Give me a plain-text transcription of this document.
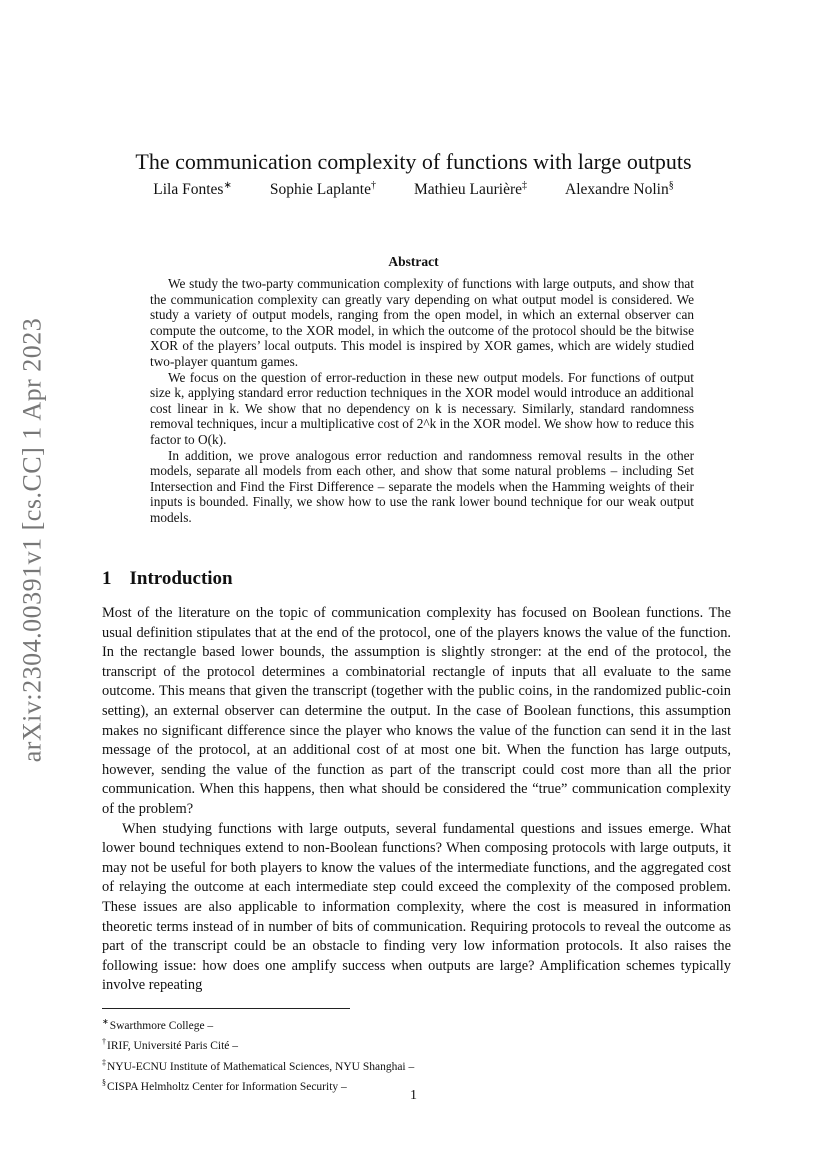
arXiv:2304.00391v1 [cs.CC] 1 Apr 2023
The communication complexity of functions with large outputs
Lila Fontes∗ Sophie Laplante† Mathieu Laurière‡ Alexandre Nolin§
Abstract

We study the two-party communication complexity of functions with large outputs, and show that the communication complexity can greatly vary depending on what output model is considered. We study a variety of output models, ranging from the open model, in which an external observer can compute the outcome, to the XOR model, in which the outcome of the protocol should be the bitwise XOR of the players’ local outputs. This model is inspired by XOR games, which are widely studied two-player quantum games.

We focus on the question of error-reduction in these new output models. For functions of output size k, applying standard error reduction techniques in the XOR model would introduce an additional cost linear in k. We show that no dependency on k is necessary. Similarly, standard randomness removal techniques, incur a multiplicative cost of 2^k in the XOR model. We show how to reduce this factor to O(k).

In addition, we prove analogous error reduction and randomness removal results in the other models, separate all models from each other, and show that some natural problems – including Set Intersection and Find the First Difference – separate the models when the Hamming weights of their inputs is bounded. Finally, we show how to use the rank lower bound technique for our weak output models.

1 Introduction

Most of the literature on the topic of communication complexity has focused on Boolean functions. The usual definition stipulates that at the end of the protocol, one of the players knows the value of the function. In the rectangle based lower bounds, the assumption is slightly stronger: at the end of the protocol, the transcript of the protocol determines a combinatorial rectangle of inputs that all evaluate to the same outcome. This means that given the transcript (together with the public coins, in the randomized public-coin setting), an external observer can determine the output. In the case of Boolean functions, this assumption makes no significant difference since the player who knows the value of the function can send it in the last message of the protocol, at an additional cost of at most one bit. When the function has large outputs, however, sending the value of the function as part of the transcript could cost more than all the prior communication. When this happens, then what should be considered the “true” communication complexity of the problem?

When studying functions with large outputs, several fundamental questions and issues emerge. What lower bound techniques extend to non-Boolean functions? When composing protocols with large outputs, it may not be useful for both players to know the values of the intermediate functions, and the aggregated cost of relaying the outcome at each intermediate step could exceed the complexity of the composed problem. These issues are also applicable to information complexity, where the cost is measured in information theoretic terms instead of in number of bits of communication. Requiring protocols to reveal the outcome as part of the transcript could be an obstacle to finding very low information protocols. It also raises the following issue: how does one amplify success when outputs are large? Amplification schemes typically involve repeating

∗Swarthmore College –
†IRIF, Université Paris Cité –
‡NYU-ECNU Institute of Mathematical Sciences, NYU Shanghai –
§CISPA Helmholtz Center for Information Security –
1
